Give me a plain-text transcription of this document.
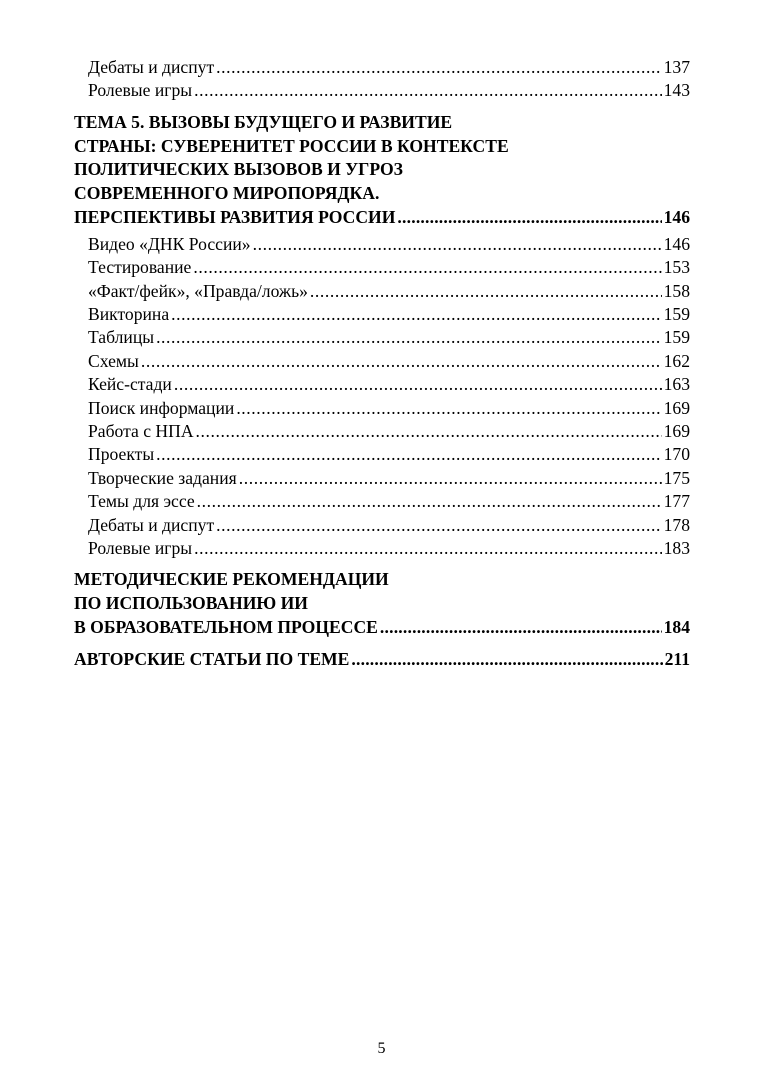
Дебаты и диспут .....	137
Ролевые игры .....	143
ТЕМА 5. ВЫЗОВЫ БУДУЩЕГО И РАЗВИТИЕ
СТРАНЫ: СУВЕРЕНИТЕТ РОССИИ В КОНТЕКСТЕ
ПОЛИТИЧЕСКИХ ВЫЗОВОВ И УГРОЗ
СОВРЕМЕННОГО МИРОПОРЯДКА.
ПЕРСПЕКТИВЫ РАЗВИТИЯ РОССИИ .....	146
Видео «ДНК России» .....	146
Тестирование .....	153
«Факт/фейк», «Правда/ложь» .....	158
Викторина .....	159
Таблицы .....	159
Схемы .....	162
Кейс-стади .....	163
Поиск информации .....	169
Работа с НПА .....	169
Проекты .....	170
Творческие задания .....	175
Темы для эссе .....	177
Дебаты и диспут .....	178
Ролевые игры .....	183
МЕТОДИЧЕСКИЕ РЕКОМЕНДАЦИИ
ПО ИСПОЛЬЗОВАНИЮ ИИ
В ОБРАЗОВАТЕЛЬНОМ ПРОЦЕССЕ .....	184
АВТОРСКИЕ СТАТЬИ ПО ТЕМЕ .....	211
5
